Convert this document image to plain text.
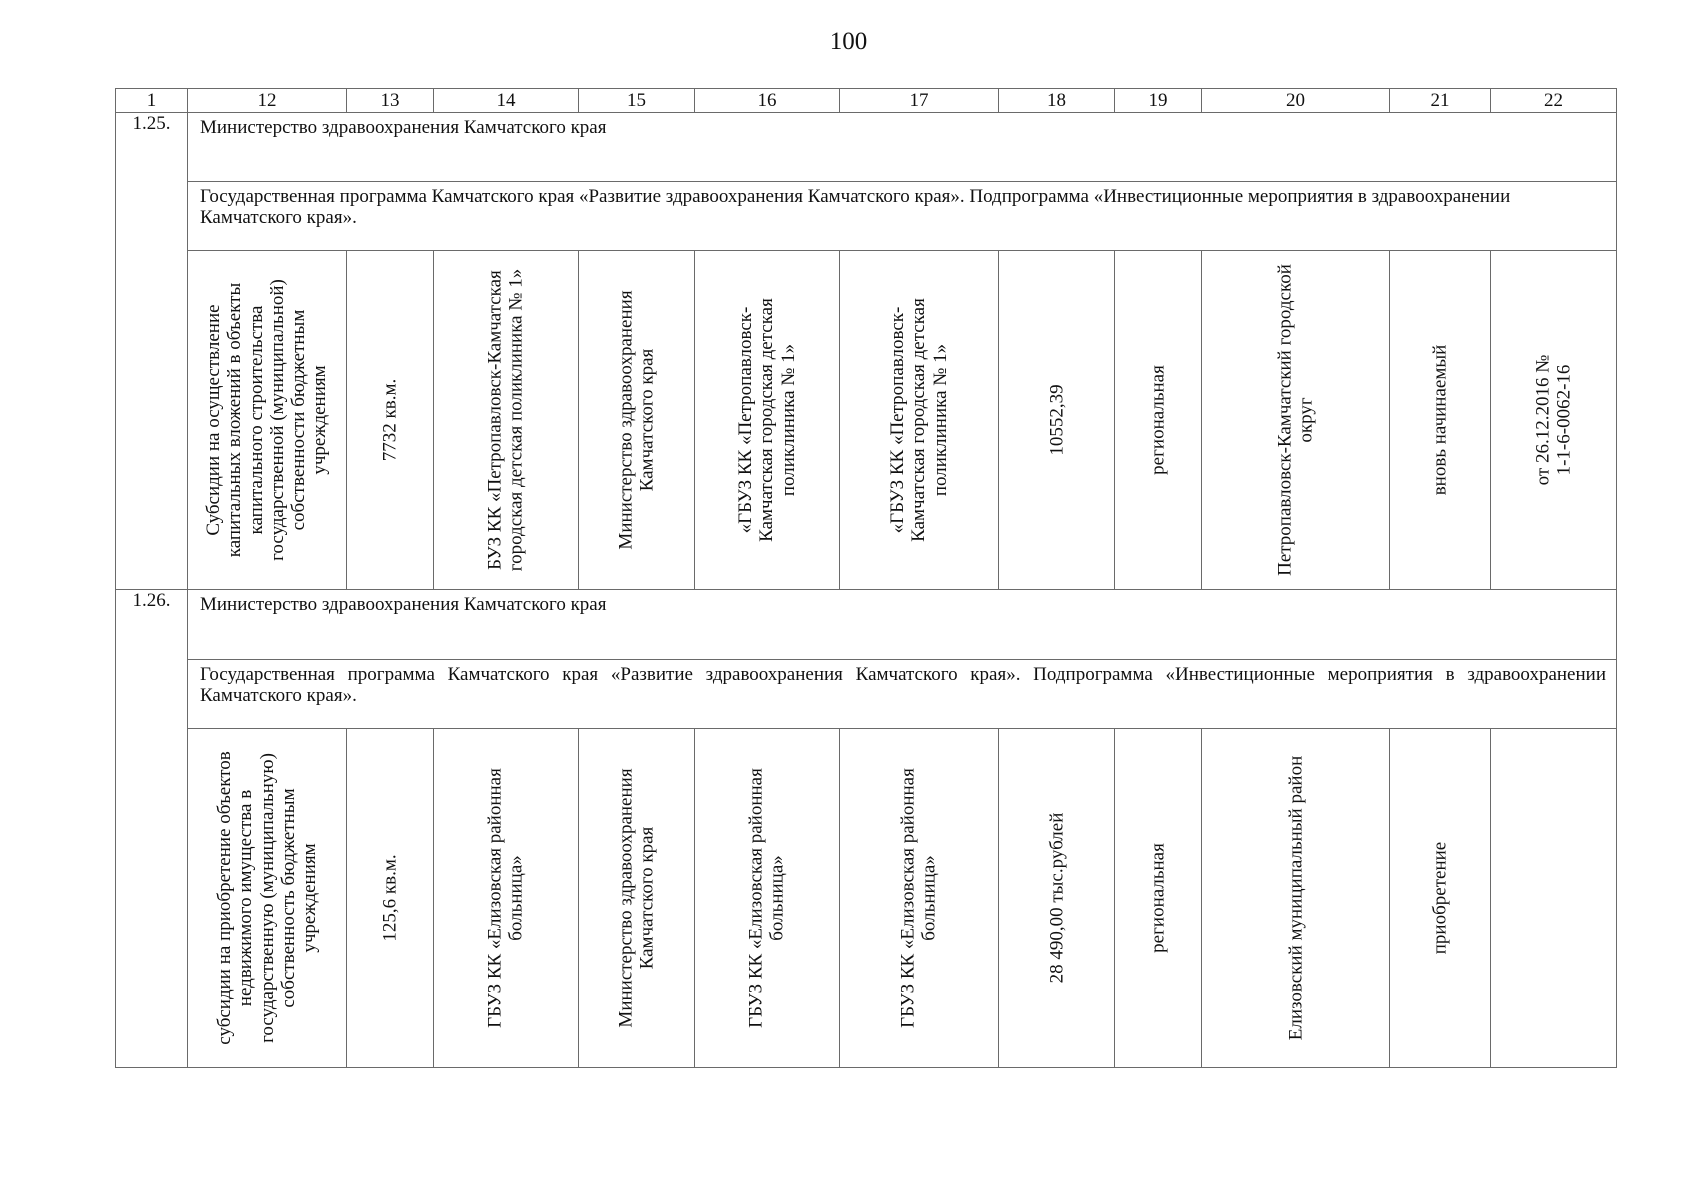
100
1	12	13	14	15	16	17	18	19	20	21	22
1.25.	Министерство здравоохранения Камчатского края										

	Государственная программа Камчатского края «Развитие здравоохранения Камчатского края». Подпрограмма «Инвестиционные мероприятия в здравоохранении Камчатского края».										

	Субсидии на осуществление капитальных вложений в объекты капитального строительства государственной (муниципальной) собственности бюджетным учреждениям	7732 кв.м.	БУЗ КК «Петропавловск-Камчатская городская детская поликлиника № 1»	Министерство здравоохранения Камчатского края	«ГБУЗ КК «Петропавловск-Камчатская городская детская поликлиника № 1»	«ГБУЗ КК «Петропавловск-Камчатская городская детская поликлиника № 1»	10552,39	региональная	Петропавловск-Камчатский городской округ	вновь начинаемый	от 26.12.2016 № 1-1-6-0062-16

1.26.	Министерство здравоохранения Камчатского края										

	Государственная программа Камчатского края «Развитие здравоохранения Камчатского края». Подпрограмма «Инвестиционные мероприятия в здравоохранении Камчатского края».										

	субсидии на приобретение объектов недвижимого имущества в государственную (муниципальную) собственность бюджетным учреждениям	125,6 кв.м.	ГБУЗ КК «Елизовская районная больница»	Министерство здравоохранения Камчатского края	ГБУЗ КК «Елизовская районная больница»	ГБУЗ КК «Елизовская районная больница»	28 490,00 тыс.рублей	региональная	Елизовский муниципальный район	приобретение	
